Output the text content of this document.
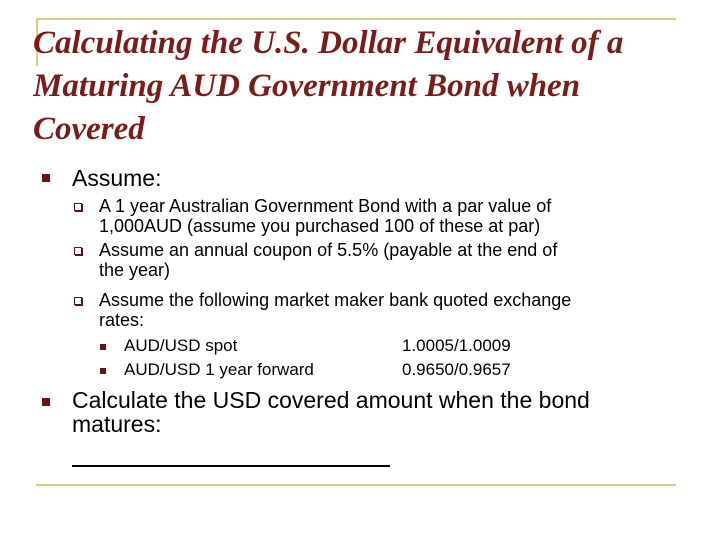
Calculating the U.S. Dollar Equivalent of a
Maturing AUD Government Bond when
Covered

Assume:

A 1 year Australian Government Bond with a par value of

1,000AUD (assume you purchased 100 of these at par)

Assume an annual coupon of 5.5% (payable at the end of

the year)

Assume the following market maker bank quoted exchange

rates:

AUD/USD spot	1.0005/1.0009

AUD/USD 1 year forward	0.9650/0.9657

Calculate the USD covered amount when the bond

matures:
